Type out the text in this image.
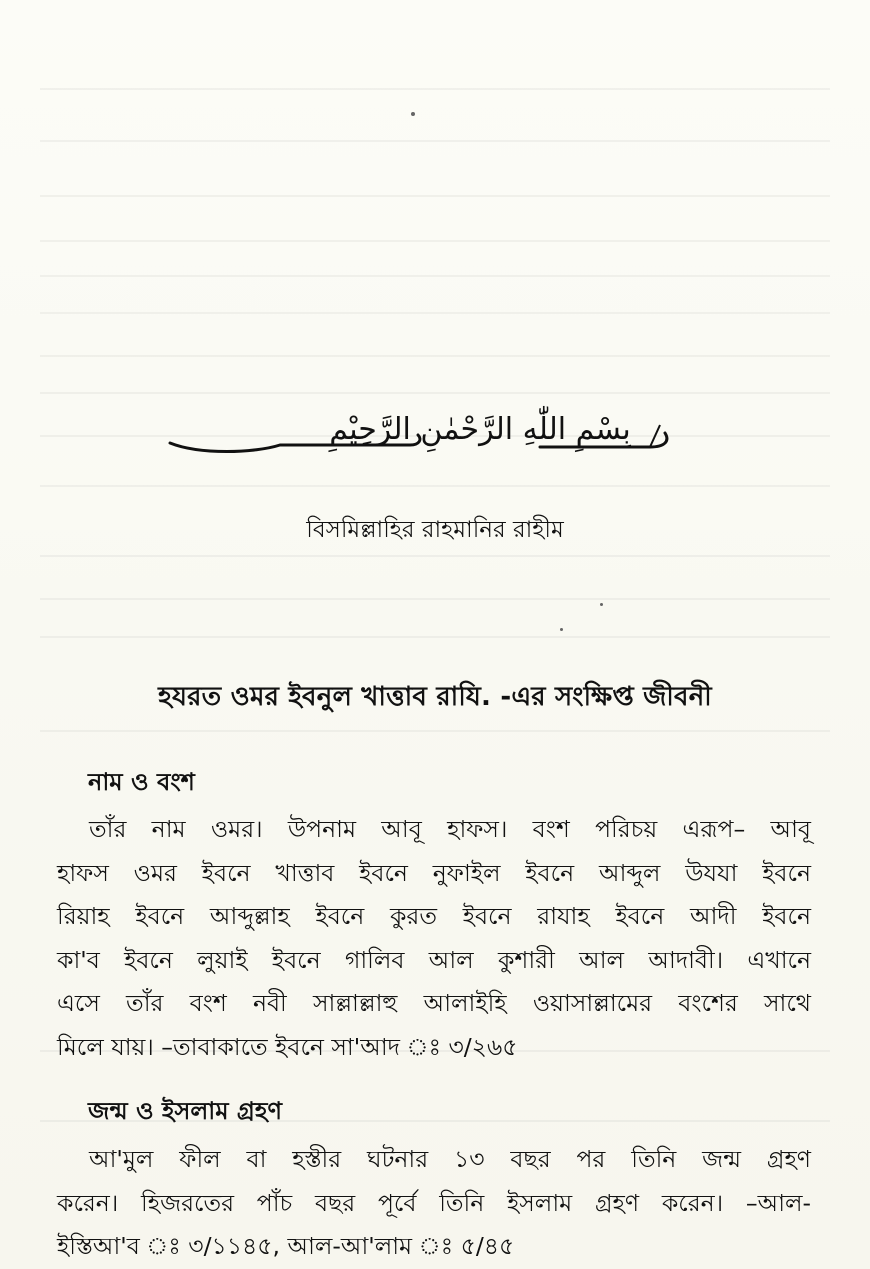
بِسْمِ اللّٰهِ الرَّحْمٰنِ الرَّحِيْمِ
বিসমিল্লাহির রাহমানির রাহীম
হযরত ওমর ইবনুল খাত্তাব রাযি. -এর সংক্ষিপ্ত জীবনী
নাম ও বংশ
তাঁর নাম ওমর। উপনাম আবূ হাফস। বংশ পরিচয় এরূপ– আবূ
হাফস ওমর ইবনে খাত্তাব ইবনে নুফাইল ইবনে আব্দুল উযযা ইবনে
রিয়াহ ইবনে আব্দুল্লাহ ইবনে কুরত ইবনে রাযাহ ইবনে আদী ইবনে
কা'ব ইবনে লুয়াই ইবনে গালিব আল কুশারী আল আদাবী। এখানে
এসে তাঁর বংশ নবী সাল্লাল্লাহু আলাইহি ওয়াসাল্লামের বংশের সাথে
মিলে যায়। –তাবাকাতে ইবনে সা'আদ ঃ ৩/২৬৫
জন্ম ও ইসলাম গ্রহণ
আ'মুল ফীল বা হস্তীর ঘটনার ১৩ বছর পর তিনি জন্ম গ্রহণ
করেন। হিজরতের পাঁচ বছর পূর্বে তিনি ইসলাম গ্রহণ করেন। –আল-
ইস্তিআ'ব ঃ ৩/১১৪৫, আল-আ'লাম ঃ ৫/৪৫
